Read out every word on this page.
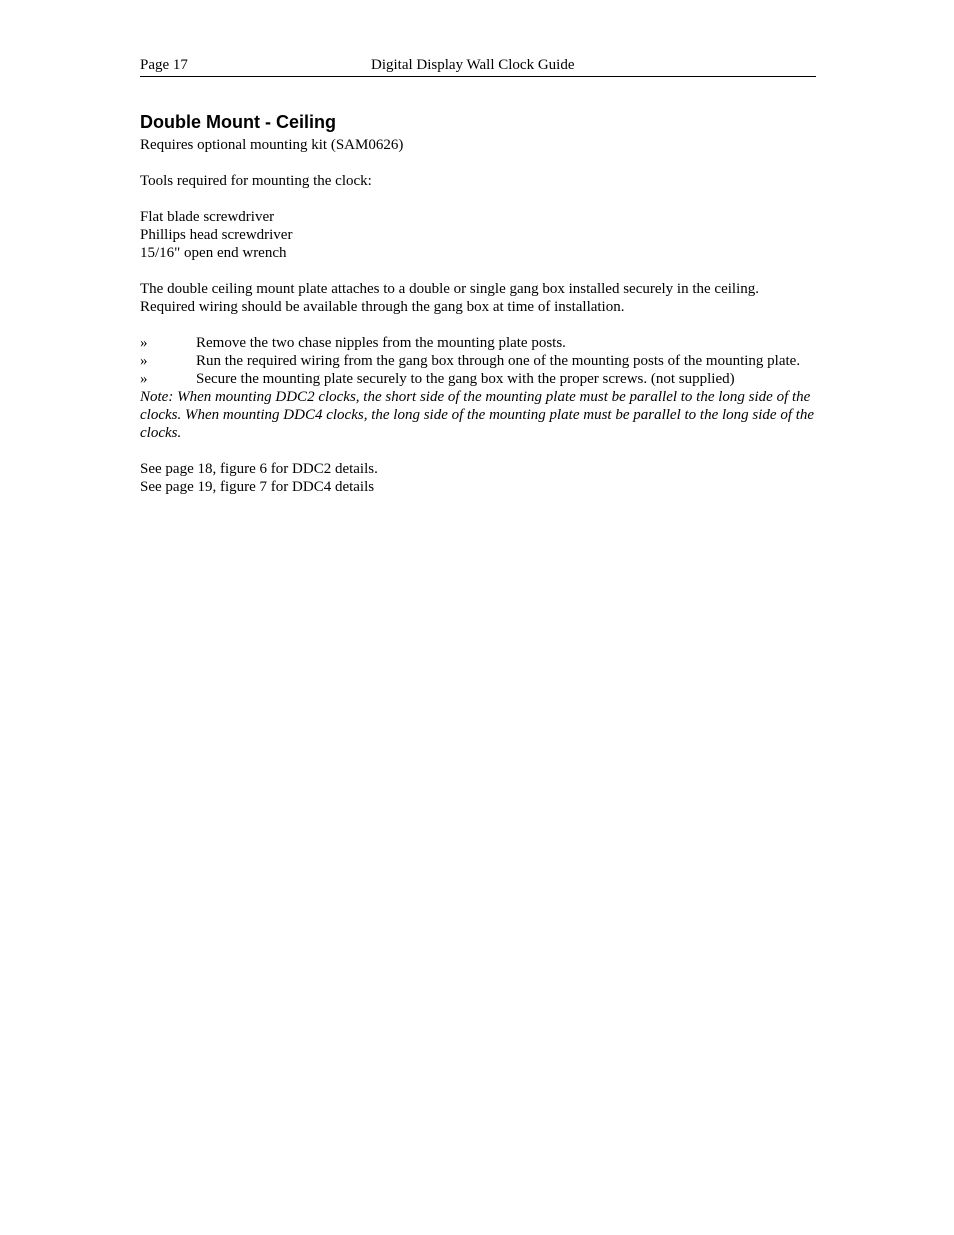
Page 17	Digital Display Wall Clock Guide
Double Mount - Ceiling

Requires optional mounting kit (SAM0626)

Tools required for mounting the clock:

Flat blade screwdriver

Phillips head screwdriver

15/16" open end wrench

The double ceiling mount plate attaches to a double or single gang box installed securely in the ceiling. Required wiring should be available through the gang box at time of installation.

»	Remove the two chase nipples from the mounting plate posts.
»	Run the required wiring from the gang box through one of the mounting posts of the mounting plate.
»	Secure the mounting plate securely to the gang box with the proper screws. (not supplied)

Note: When mounting DDC2 clocks, the short side of the mounting plate must be parallel to the long side of the clocks. When mounting DDC4 clocks, the long side of the mounting plate must be parallel to the long side of the clocks.

See page 18, figure 6 for DDC2 details.

See page 19, figure 7 for DDC4 details
